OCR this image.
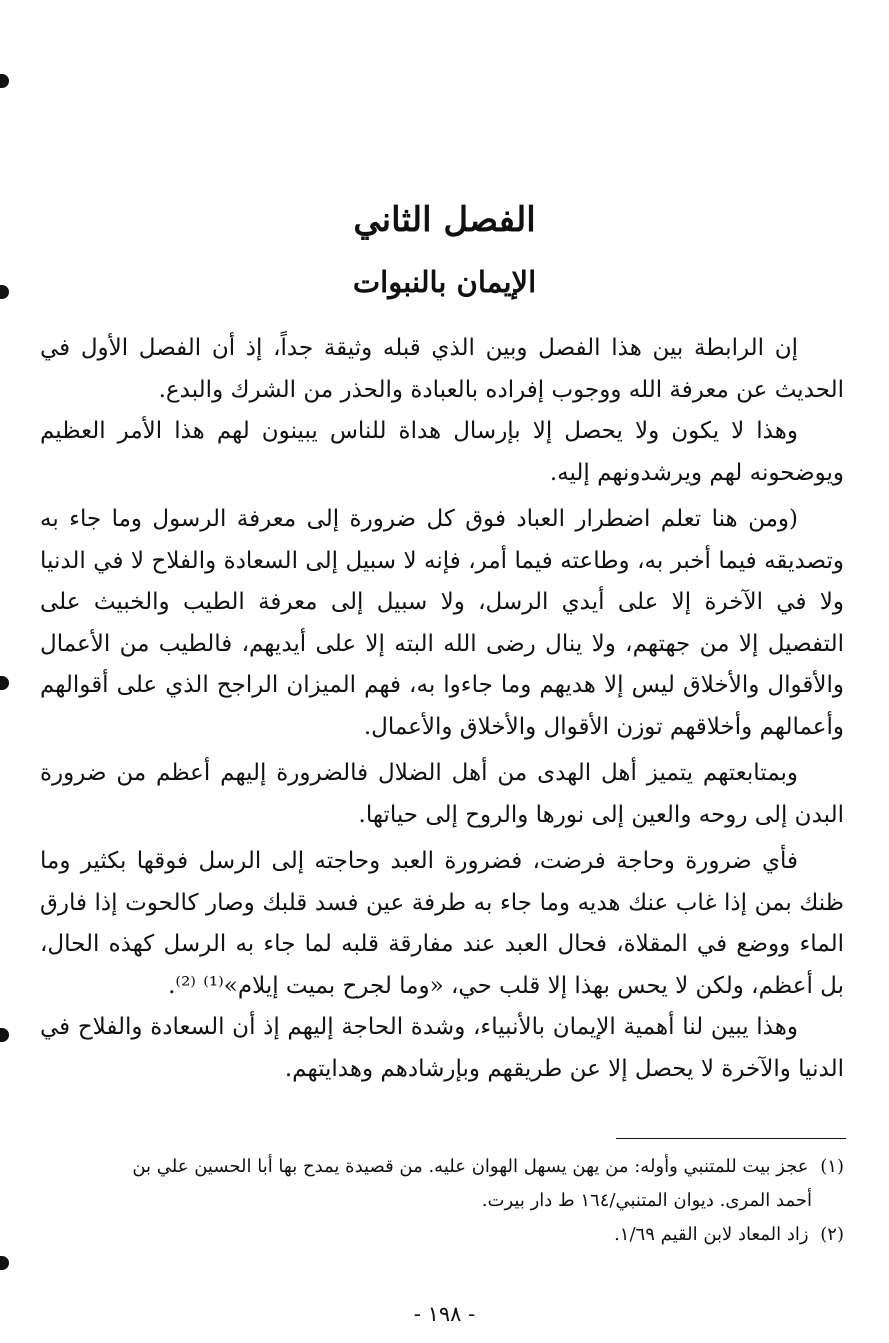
الفصل الثاني
الإيمان بالنبوات

إن الرابطة بين هذا الفصل وبين الذي قبله وثيقة جداً، إذ أن الفصل الأول في الحديث عن معرفة الله ووجوب إفراده بالعبادة والحذر من الشرك والبدع.

وهذا لا يكون ولا يحصل إلا بإرسال هداة للناس يبينون لهم هذا الأمر العظيم ويوضحونه لهم ويرشدونهم إليه.

(ومن هنا تعلم اضطرار العباد فوق كل ضرورة إلى معرفة الرسول وما جاء به وتصديقه فيما أخبر به، وطاعته فيما أمر، فإنه لا سبيل إلى السعادة والفلاح لا في الدنيا ولا في الآخرة إلا على أيدي الرسل، ولا سبيل إلى معرفة الطيب والخبيث على التفصيل إلا من جهتهم، ولا ينال رضى الله البته إلا على أيديهم، فالطيب من الأعمال والأقوال والأخلاق ليس إلا هديهم وما جاءوا به، فهم الميزان الراجح الذي على أقوالهم وأعمالهم وأخلاقهم توزن الأقوال والأخلاق والأعمال.

وبمتابعتهم يتميز أهل الهدى من أهل الضلال فالضرورة إليهم أعظم من ضرورة البدن إلى روحه والعين إلى نورها والروح إلى حياتها.

فأي ضرورة وحاجة فرضت، فضرورة العبد وحاجته إلى الرسل فوقها بكثير وما ظنك بمن إذا غاب عنك هديه وما جاء به طرفة عين فسد قلبك وصار كالحوت إذا فارق الماء ووضع في المقلاة، فحال العبد عند مفارقة قلبه لما جاء به الرسل كهذه الحال، بل أعظم، ولكن لا يحس بهذا إلا قلب حي، «وما لجرح بميت إيلام»⁽¹⁾ ⁽²⁾.

وهذا يبين لنا أهمية الإيمان بالأنبياء، وشدة الحاجة إليهم إذ أن السعادة والفلاح في الدنيا والآخرة لا يحصل إلا عن طريقهم وبإرشادهم وهدايتهم.

(١) عجز بيت للمتنبي وأوله: من يهن يسهل الهوان عليه. من قصيدة يمدح بها أبا الحسين علي بن

أحمد المرى. ديوان المتنبي/١٦٤ ط دار بيرت.

(٢) زاد المعاد لابن القيم ١/٦٩.

- ١٩٨ -
